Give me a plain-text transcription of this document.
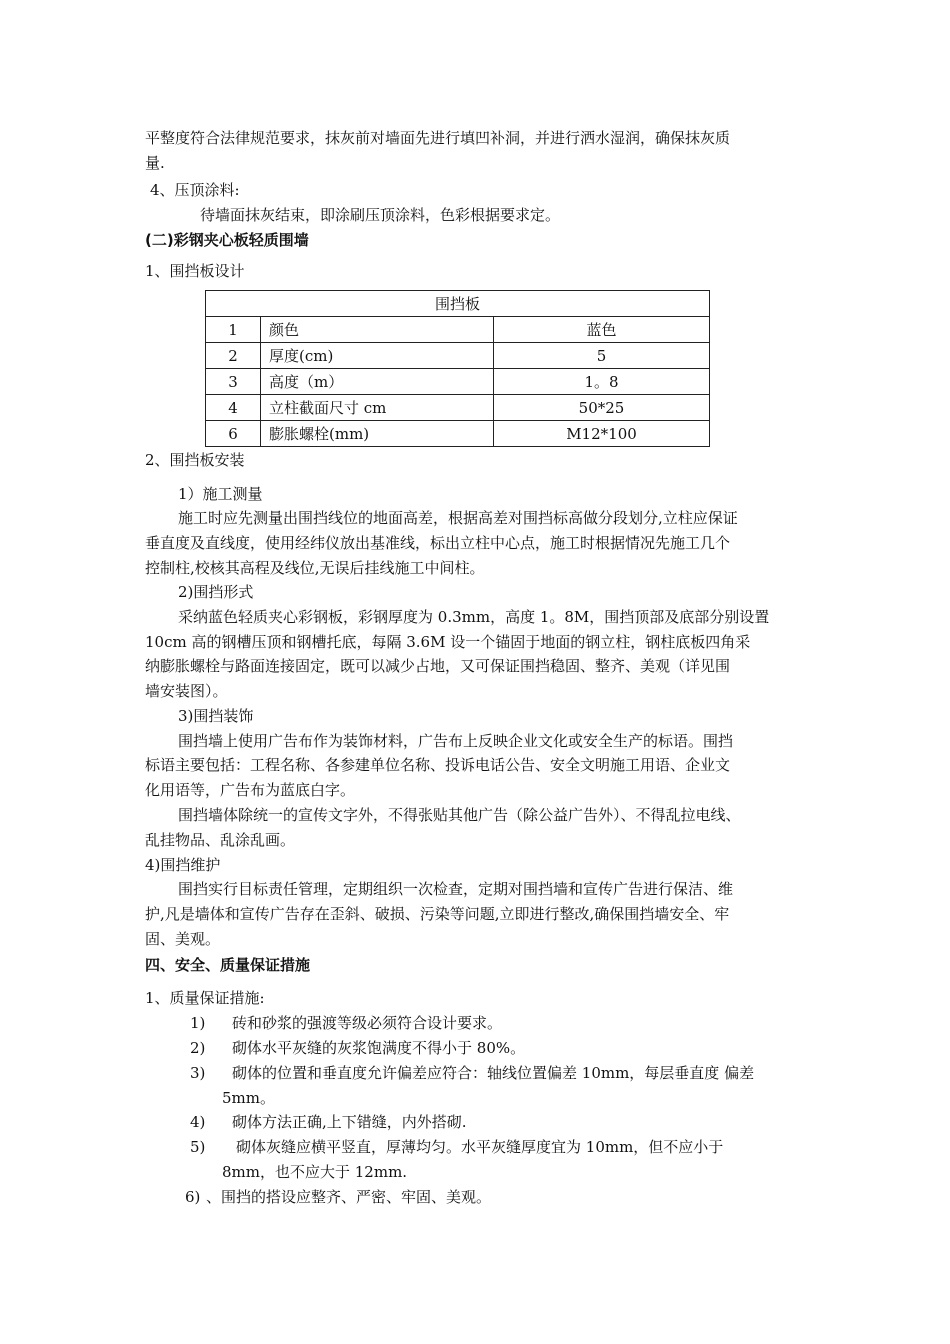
平整度符合法律规范要求，抹灰前对墙面先进行填凹补洞，并进行洒水湿润，确保抹灰质
量.
4、压顶涂料:
待墙面抹灰结束，即涂刷压顶涂料，色彩根据要求定。
(二)彩钢夹心板轻质围墙
1、围挡板设计
围挡板		
1	颜色	蓝色
2	厚度(cm)	5
3	高度（m）	1。8
4	立柱截面尺寸 cm	50*25
6	膨胀螺栓(mm)	M12*100
2、围挡板安装
1）施工测量
施工时应先测量出围挡线位的地面高差，根据高差对围挡标高做分段划分,立柱应保证
垂直度及直线度，使用经纬仪放出基准线，标出立柱中心点，施工时根据情况先施工几个
控制柱,校核其高程及线位,无误后挂线施工中间柱。
2)围挡形式
采纳蓝色轻质夹心彩钢板，彩钢厚度为 0.3mm，高度 1。8M，围挡顶部及底部分别设置
10cm 高的钢槽压顶和钢槽托底，每隔 3.6M 设一个锚固于地面的钢立柱，钢柱底板四角采
纳膨胀螺栓与路面连接固定，既可以减少占地，又可保证围挡稳固、整齐、美观（详见围
墙安装图）。
3)围挡装饰
围挡墙上使用广告布作为装饰材料，广告布上反映企业文化或安全生产的标语。围挡
标语主要包括：工程名称、各参建单位名称、投诉电话公告、安全文明施工用语、企业文
化用语等，广告布为蓝底白字。
围挡墙体除统一的宣传文字外，不得张贴其他广告（除公益广告外）、不得乱拉电线、
乱挂物品、乱涂乱画。
4)围挡维护
围挡实行目标责任管理，定期组织一次检查，定期对围挡墙和宣传广告进行保洁、维
护,凡是墙体和宣传广告存在歪斜、破损、污染等问题,立即进行整改,确保围挡墙安全、牢
固、美观。
四、安全、质量保证措施
1、质量保证措施:
1) 砖和砂浆的强渡等级必须符合设计要求。
2) 砌体水平灰缝的灰浆饱满度不得小于 80%。
3) 砌体的位置和垂直度允许偏差应符合：轴线位置偏差 10mm，每层垂直度 偏差
5mm。
4) 砌体方法正确,上下错缝，内外搭砌.
5) 砌体灰缝应横平竖直，厚薄均匀。水平灰缝厚度宜为 10mm，但不应小于
8mm，也不应大于 12mm.
6) 、围挡的搭设应整齐、严密、牢固、美观。
